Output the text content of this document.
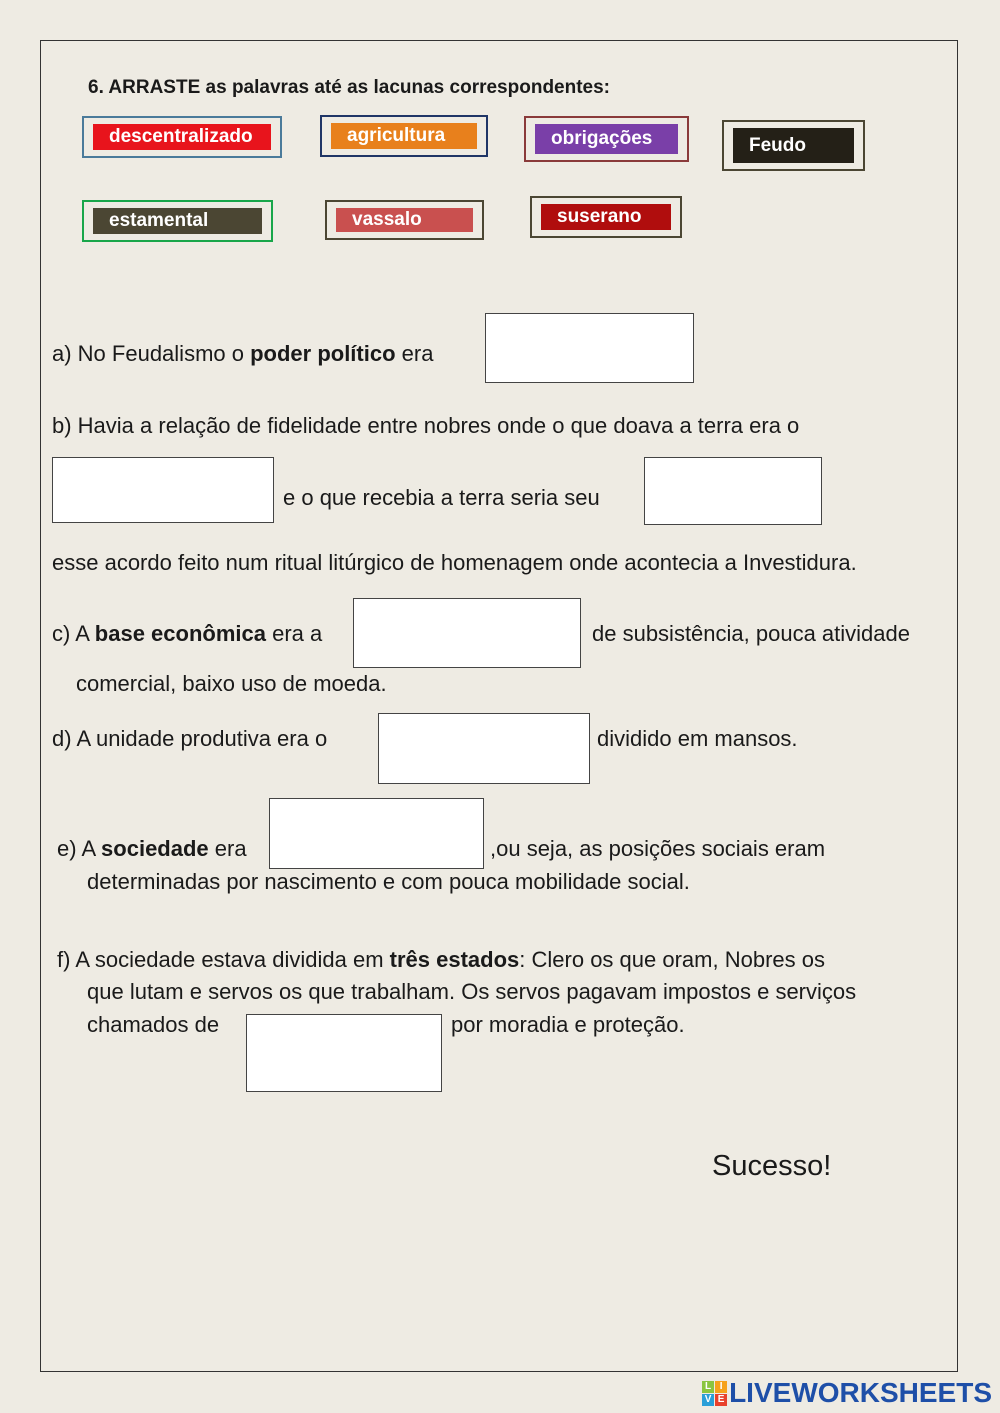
6. ARRASTE as palavras até as lacunas correspondentes:
descentralizado	agricultura	obrigações	Feudo
estamental	vassalo	suserano
a) No Feudalismo o poder político era
b) Havia a relação de fidelidade entre nobres onde o que doava a terra era o
e o que recebia a terra seria seu
esse acordo feito num ritual litúrgico de homenagem onde acontecia a Investidura.
c) A base econômica era a	de subsistência, pouca atividade
comercial, baixo uso de moeda.
d) A unidade produtiva era o	dividido em mansos.
e) A sociedade era	,ou seja, as posições sociais eram
determinadas por nascimento e com pouca mobilidade social.
f) A sociedade estava dividida em três estados: Clero os que oram, Nobres os
que lutam e servos os que trabalham. Os servos pagavam impostos e serviços
chamados de	por moradia e proteção.
Sucesso!
L I
V E LIVEWORKSHEETS
